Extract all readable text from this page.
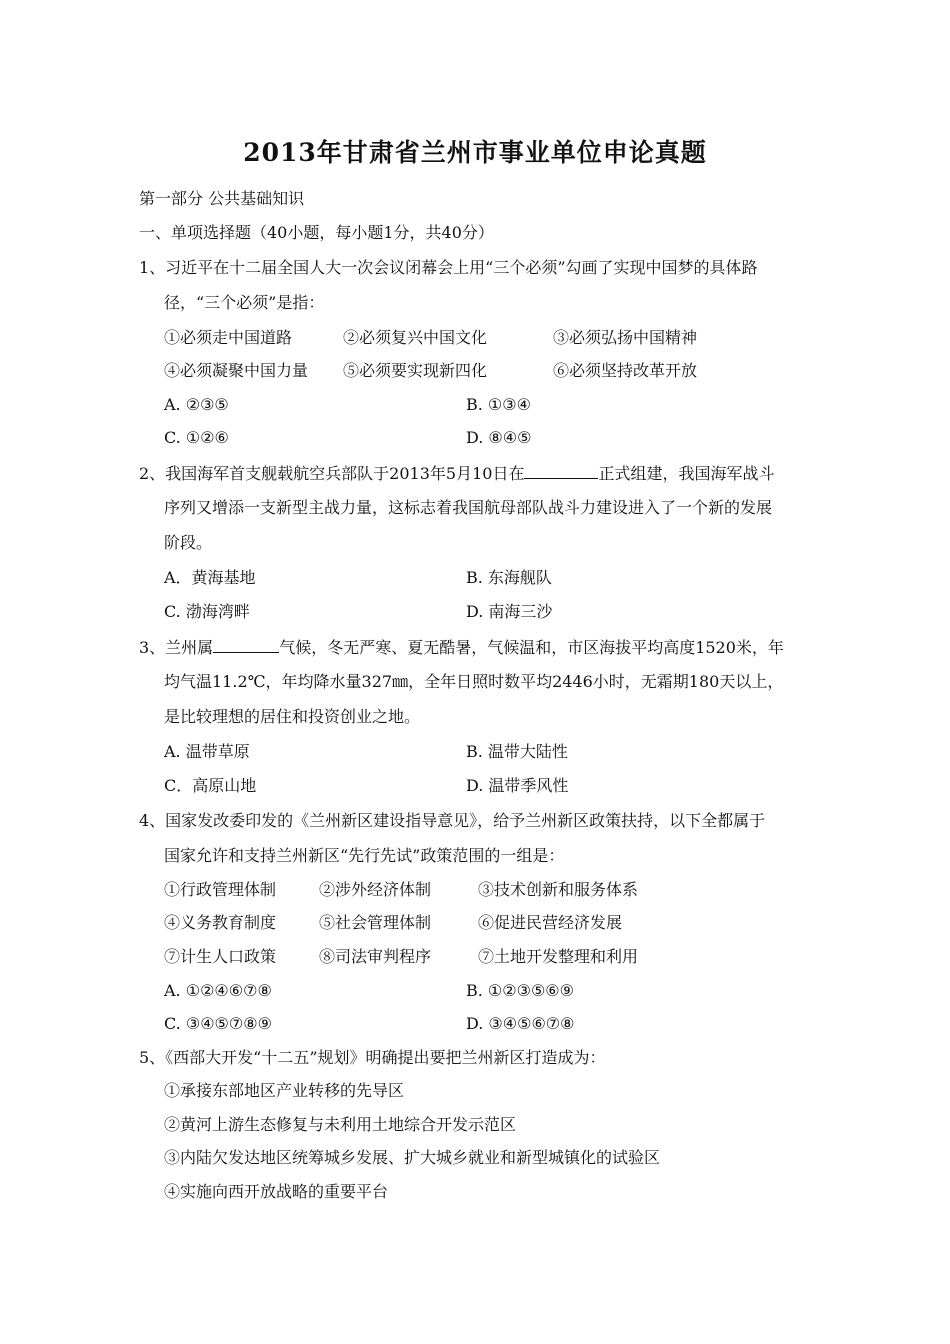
2013年甘肃省兰州市事业单位申论真题
第一部分 公共基础知识
一、单项选择题（40小题，每小题1分，共40分）
1、习近平在十二届全国人大一次会议闭幕会上用“三个必须”勾画了实现中国梦的具体路
径，“三个必须”是指：
①必须走中国道路	②必须复兴中国文化	③必须弘扬中国精神
④必须凝聚中国力量 ⑤必须要实现新四化	⑥必须坚持改革开放
A. ②③⑤	B. ①③④
C. ①②⑥	D. ⑧④⑤
2、我国海军首支舰载航空兵部队于2013年5月10日在	正式组建，我国海军战斗
序列又增添一支新型主战力量，这标志着我国航母部队战斗力建设进入了一个新的发展
阶段。
A．黄海基地	B. 东海舰队
C. 渤海湾畔	D. 南海三沙
3、兰州属	气候，冬无严寒、夏无酷暑，气候温和，市区海拔平均高度1520米，年
均气温11.2℃，年均降水量327㎜，全年日照时数平均2446小时，无霜期180天以上，
是比较理想的居住和投资创业之地。
A. 温带草原	B. 温带大陆性
C．高原山地	D. 温带季风性
4、国家发改委印发的《兰州新区建设指导意见》，给予兰州新区政策扶持，以下全都属于
国家允许和支持兰州新区“先行先试”政策范围的一组是：
①行政管理体制	②涉外经济体制	③技术创新和服务体系
④义务教育制度	⑤社会管理体制	⑥促进民营经济发展
⑦计生人口政策	⑧司法审判程序	⑦土地开发整理和利用
A. ①②④⑥⑦⑧	B. ①②③⑤⑥⑨
C. ③④⑤⑦⑧⑨	D. ③④⑤⑥⑦⑧
5、《西部大开发“十二五”规划》明确提出要把兰州新区打造成为：
①承接东部地区产业转移的先导区
②黄河上游生态修复与未利用土地综合开发示范区
③内陆欠发达地区统筹城乡发展、扩大城乡就业和新型城镇化的试验区
④实施向西开放战略的重要平台
